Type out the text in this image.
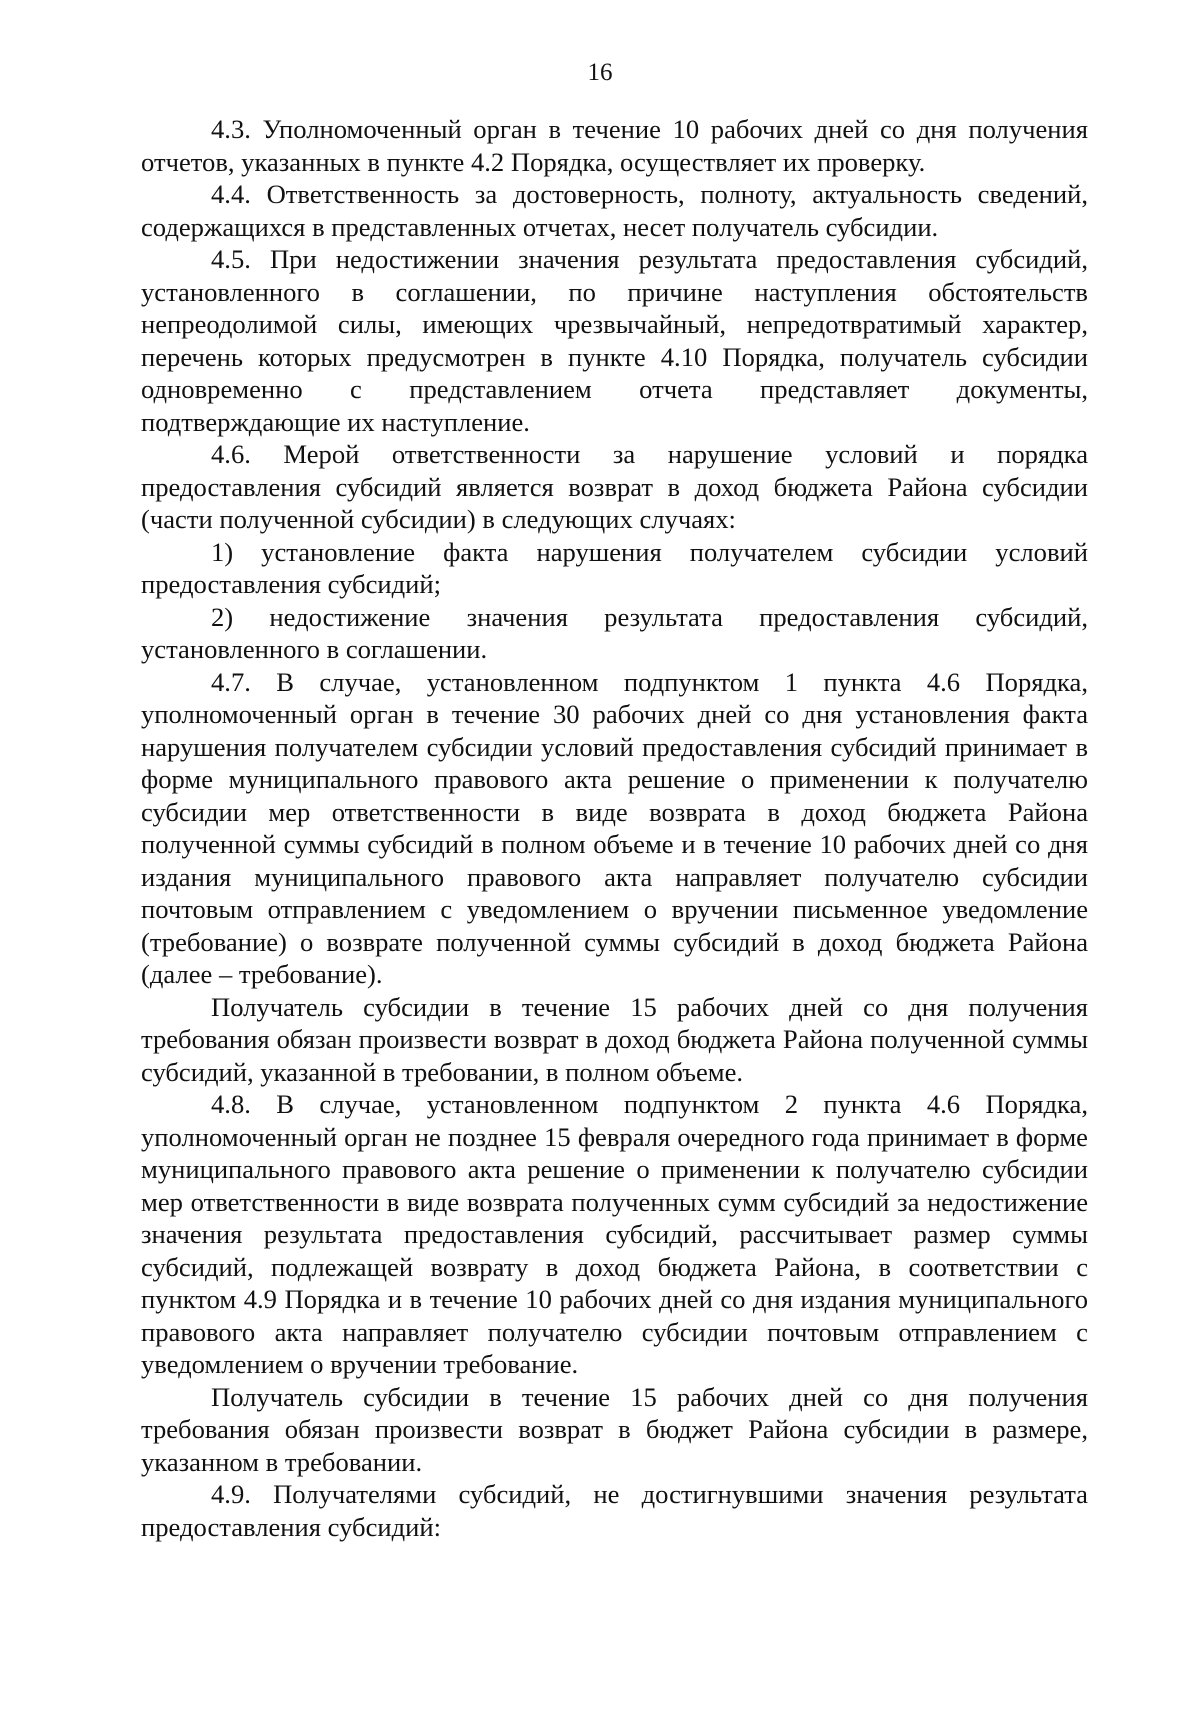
16

4.3. Уполномоченный орган в течение 10 рабочих дней со дня получения отчетов, указанных в пункте 4.2 Порядка, осуществляет их проверку.

4.4. Ответственность за достоверность, полноту, актуальность сведений, содержащихся в представленных отчетах, несет получатель субсидии.

4.5. При недостижении значения результата предоставления субсидий, установленного в соглашении, по причине наступления обстоятельств непреодолимой силы, имеющих чрезвычайный, непредотвратимый характер, перечень которых предусмотрен в пункте 4.10 Порядка, получатель субсидии одновременно с представлением отчета представляет документы, подтверждающие их наступление.

4.6. Мерой ответственности за нарушение условий и порядка предоставления субсидий является возврат в доход бюджета Района субсидии (части полученной субсидии) в следующих случаях:

1) установление факта нарушения получателем субсидии условий предоставления субсидий;

2) недостижение значения результата предоставления субсидий, установленного в соглашении.

4.7. В случае, установленном подпунктом 1 пункта 4.6 Порядка, уполномоченный орган в течение 30 рабочих дней со дня установления факта нарушения получателем субсидии условий предоставления субсидий принимает в форме муниципального правового акта решение о применении к получателю субсидии мер ответственности в виде возврата в доход бюджета Района полученной суммы субсидий в полном объеме и в течение 10 рабочих дней со дня издания муниципального правового акта направляет получателю субсидии почтовым отправлением с уведомлением о вручении письменное уведомление (требование) о возврате полученной суммы субсидий в доход бюджета Района (далее – требование).

Получатель субсидии в течение 15 рабочих дней со дня получения требования обязан произвести возврат в доход бюджета Района полученной суммы субсидий, указанной в требовании, в полном объеме.

4.8. В случае, установленном подпунктом 2 пункта 4.6 Порядка, уполномоченный орган не позднее 15 февраля очередного года принимает в форме муниципального правового акта решение о применении к получателю субсидии мер ответственности в виде возврата полученных сумм субсидий за недостижение значения результата предоставления субсидий, рассчитывает размер суммы субсидий, подлежащей возврату в доход бюджета Района, в соответствии с пунктом 4.9 Порядка и в течение 10 рабочих дней со дня издания муниципального правового акта направляет получателю субсидии почтовым отправлением с уведомлением о вручении требование.

Получатель субсидии в течение 15 рабочих дней со дня получения требования обязан произвести возврат в бюджет Района субсидии в размере, указанном в требовании.

4.9. Получателями субсидий, не достигнувшими значения результата предоставления субсидий:
